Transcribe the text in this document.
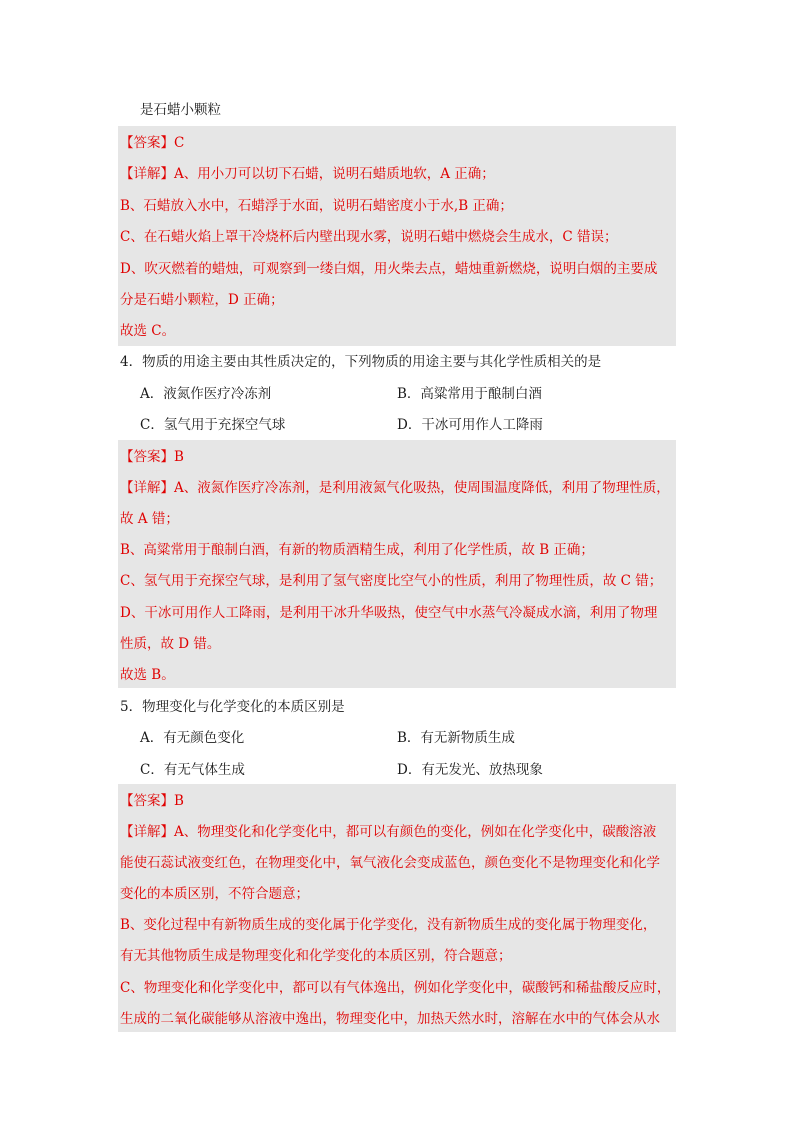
是石蜡小颗粒
【答案】C
【详解】A、用小刀可以切下石蜡，说明石蜡质地软，A 正确；
B、石蜡放入水中，石蜡浮于水面，说明石蜡密度小于水,B 正确；
C、在石蜡火焰上罩干冷烧杯后内壁出现水雾，说明石蜡中燃烧会生成水，C 错误；
D、吹灭燃着的蜡烛，可观察到一缕白烟，用火柴去点，蜡烛重新燃烧，说明白烟的主要成
分是石蜡小颗粒，D 正确；
故选 C。
4．物质的用途主要由其性质决定的，下列物质的用途主要与其化学性质相关的是
A．液氮作医疗冷冻剂	B．高粱常用于酿制白酒
C．氢气用于充探空气球	D．干冰可用作人工降雨
【答案】B
【详解】A、液氮作医疗冷冻剂，是利用液氮气化吸热，使周围温度降低，利用了物理性质，
故 A 错；
B、高粱常用于酿制白酒，有新的物质酒精生成，利用了化学性质，故 B 正确；
C、氢气用于充探空气球，是利用了氢气密度比空气小的性质，利用了物理性质，故 C 错；
D、干冰可用作人工降雨，是利用干冰升华吸热，使空气中水蒸气冷凝成水滴，利用了物理
性质，故 D 错。
故选 B。
5．物理变化与化学变化的本质区别是
A．有无颜色变化	B．有无新物质生成
C．有无气体生成	D．有无发光、放热现象
【答案】B
【详解】A、物理变化和化学变化中，都可以有颜色的变化，例如在化学变化中，碳酸溶液
能使石蕊试液变红色，在物理变化中，氧气液化会变成蓝色，颜色变化不是物理变化和化学
变化的本质区别，不符合题意；
B、变化过程中有新物质生成的变化属于化学变化，没有新物质生成的变化属于物理变化，
有无其他物质生成是物理变化和化学变化的本质区别，符合题意；
C、物理变化和化学变化中，都可以有气体逸出，例如化学变化中，碳酸钙和稀盐酸反应时，
生成的二氧化碳能够从溶液中逸出，物理变化中，加热天然水时，溶解在水中的气体会从水
